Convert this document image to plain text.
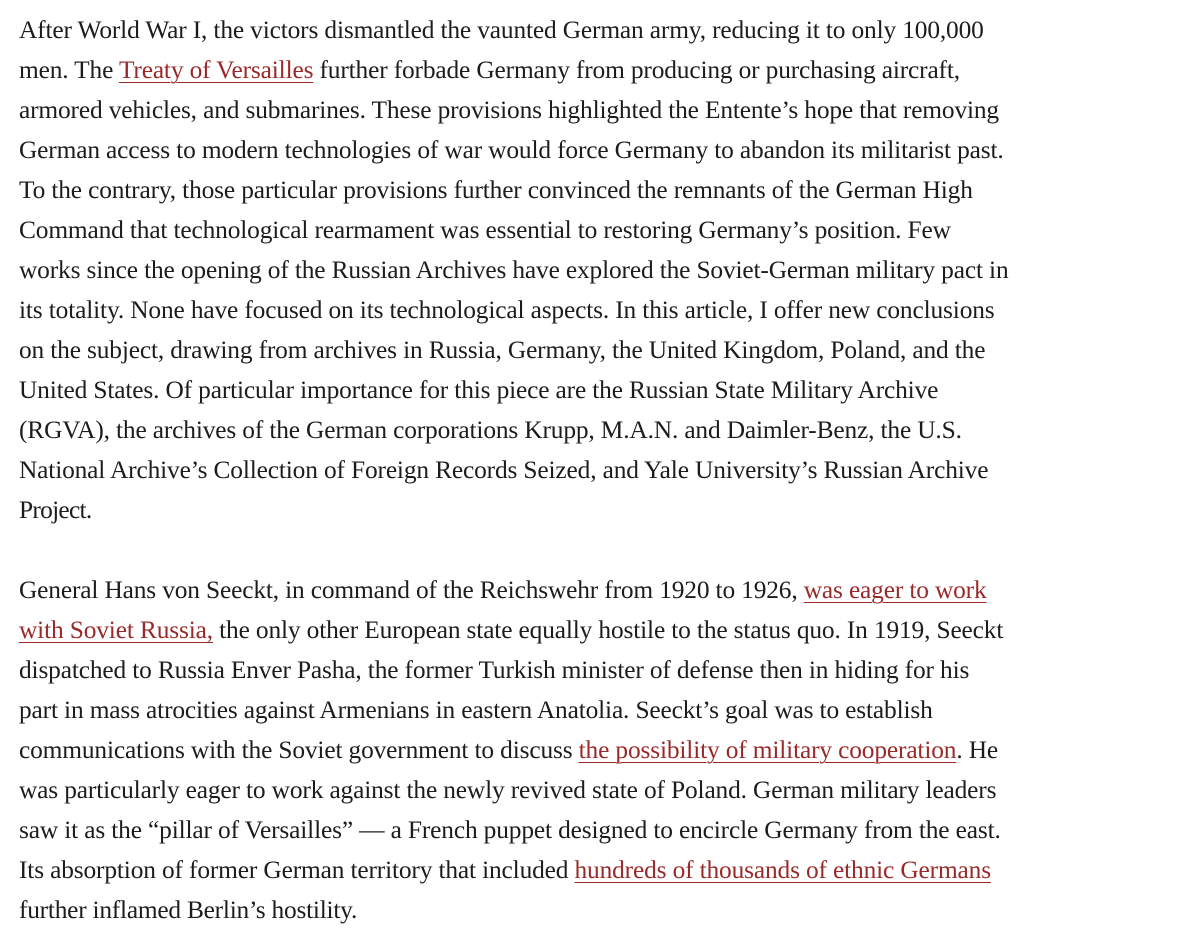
After World War I, the victors dismantled the vaunted German army, reducing it to only 100,000
men. The Treaty of Versailles further forbade Germany from producing or purchasing aircraft,
armored vehicles, and submarines. These provisions highlighted the Entente’s hope that removing
German access to modern technologies of war would force Germany to abandon its militarist past.
To the contrary, those particular provisions further convinced the remnants of the German High
Command that technological rearmament was essential to restoring Germany’s position. Few
works since the opening of the Russian Archives have explored the Soviet-German military pact in
its totality. None have focused on its technological aspects. In this article, I offer new conclusions
on the subject, drawing from archives in Russia, Germany, the United Kingdom, Poland, and the
United States. Of particular importance for this piece are the Russian State Military Archive
(RGVA), the archives of the German corporations Krupp, M.A.N. and Daimler-Benz, the U.S.
National Archive’s Collection of Foreign Records Seized, and Yale University’s Russian Archive
Project.

General Hans von Seeckt, in command of the Reichswehr from 1920 to 1926, was eager to work
with Soviet Russia, the only other European state equally hostile to the status quo. In 1919, Seeckt
dispatched to Russia Enver Pasha, the former Turkish minister of defense then in hiding for his
part in mass atrocities against Armenians in eastern Anatolia. Seeckt’s goal was to establish
communications with the Soviet government to discuss the possibility of military cooperation. He
was particularly eager to work against the newly revived state of Poland. German military leaders
saw it as the “pillar of Versailles” — a French puppet designed to encircle Germany from the east.
Its absorption of former German territory that included hundreds of thousands of ethnic Germans
further inflamed Berlin’s hostility.
